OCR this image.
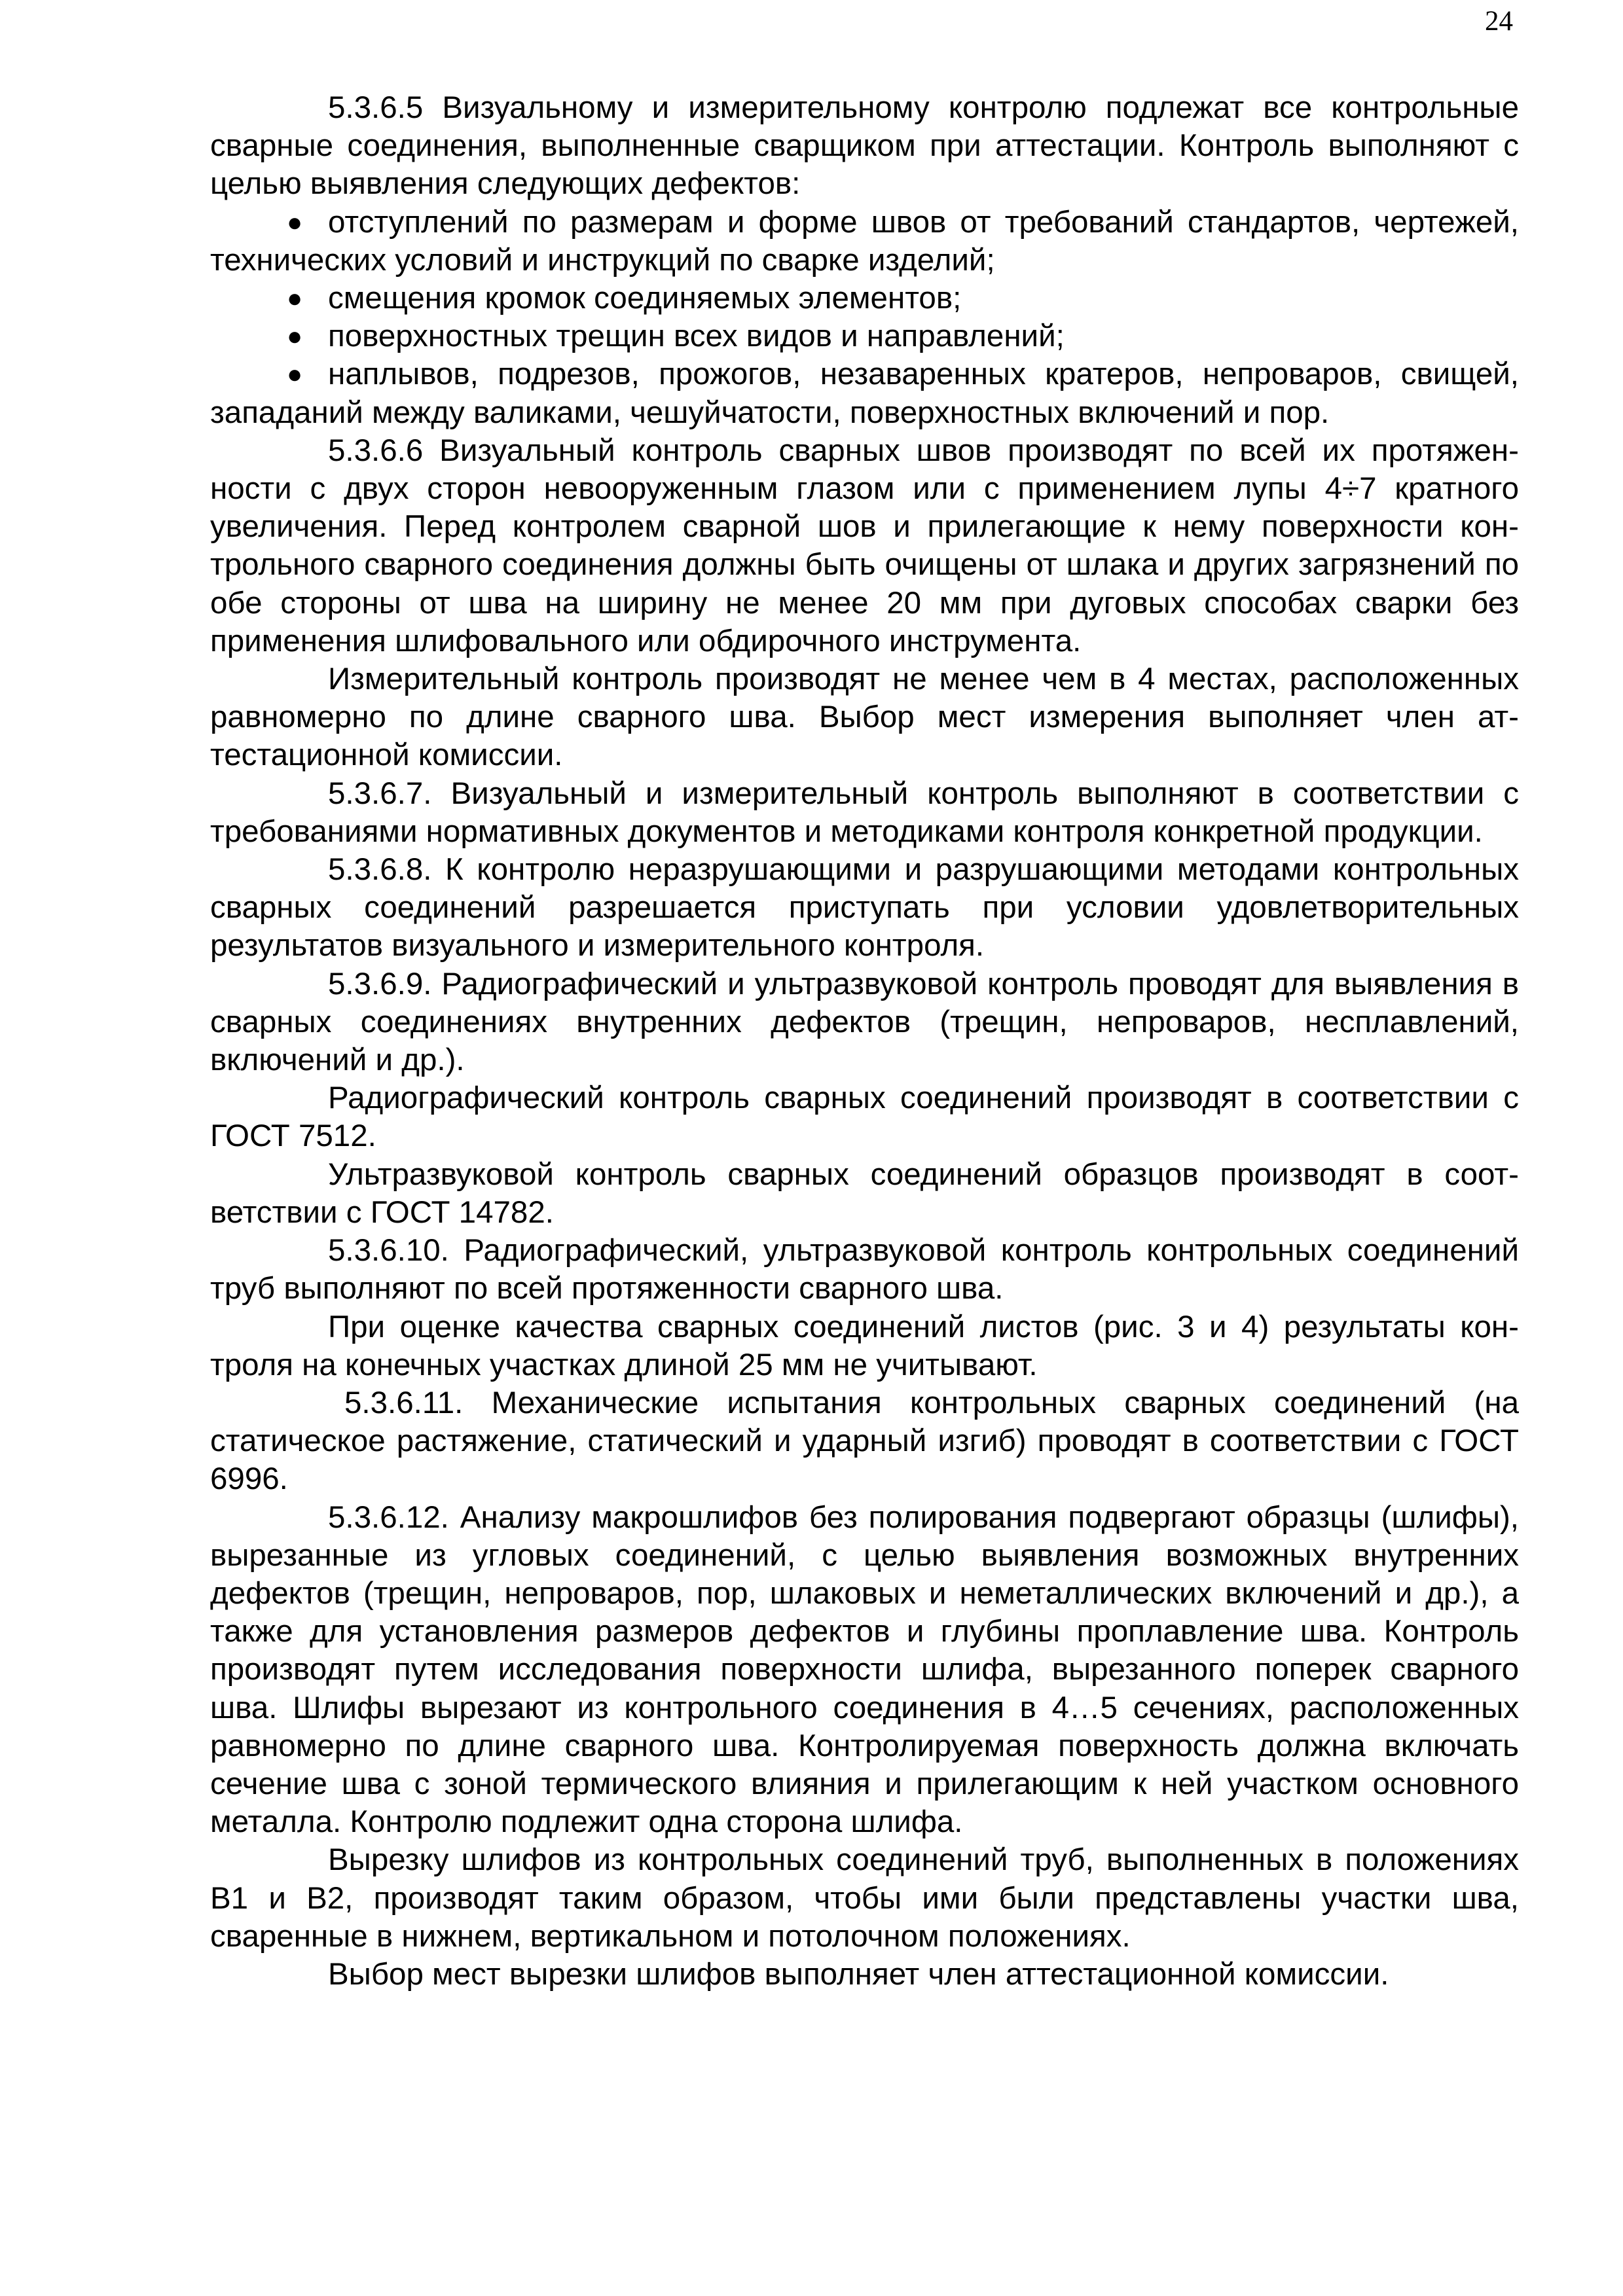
24

5.3.6.5 Визуальному и измерительному контролю подлежат все контрольные сварные соединения, выполненные сварщиком при аттестации. Контроль выполняют с целью выявления следующих дефектов:

● отступлений по размерам и форме швов от требований стандартов, чертежей, технических условий и инструкций по сварке изделий;
● смещения кромок соединяемых элементов;
● поверхностных трещин всех видов и направлений;
● наплывов, подрезов, прожогов, незаваренных кратеров, непроваров, свищей, западаний между валиками, чешуйчатости, поверхностных включений и пор.

5.3.6.6 Визуальный контроль сварных швов производят по всей их протяженности с двух сторон невооруженным глазом или с применением лупы 4÷7 кратного увеличения. Перед контролем сварной шов и прилегающие к нему поверхности контрольного сварного соединения должны быть очищены от шлака и других загрязнений по обе стороны от шва на ширину не менее 20 мм при дуговых способах сварки без применения шлифовального или обдирочного инструмента.

Измерительный контроль производят не менее чем в 4 местах, расположенных равномерно по длине сварного шва. Выбор мест измерения выполняет член аттестационной комиссии.

5.3.6.7. Визуальный и измерительный контроль выполняют в соответствии с требованиями нормативных документов и методиками контроля конкретной продукции.

5.3.6.8. К контролю неразрушающими и разрушающими методами контрольных сварных соединений разрешается приступать при условии удовлетворительных результатов визуального и измерительного контроля.

5.3.6.9. Радиографический и ультразвуковой контроль проводят для выявления в сварных соединениях внутренних дефектов (трещин, непроваров, несплавлений, включений и др.).

Радиографический контроль сварных соединений производят в соответствии с ГОСТ 7512.

Ультразвуковой контроль сварных соединений образцов производят в соответствии с ГОСТ 14782.

5.3.6.10. Радиографический, ультразвуковой контроль контрольных соединений труб выполняют по всей протяженности сварного шва.

При оценке качества сварных соединений листов (рис. 3 и 4) результаты контроля на конечных участках длиной 25 мм не учитывают.

5.3.6.11. Механические испытания контрольных сварных соединений (на статическое растяжение, статический и ударный изгиб) проводят в соответствии с ГОСТ 6996.

5.3.6.12. Анализу макрошлифов без полирования подвергают образцы (шлифы), вырезанные из угловых соединений, с целью выявления возможных внутренних дефектов (трещин, непроваров, пор, шлаковых и неметаллических включений и др.), а также для установления размеров дефектов и глубины проплавление шва. Контроль производят путем исследования поверхности шлифа, вырезанного поперек сварного шва. Шлифы вырезают из контрольного соединения в 4…5 сечениях, расположенных равномерно по длине сварного шва. Контролируемая поверхность должна включать сечение шва с зоной термического влияния и прилегающим к ней участком основного металла. Контролю подлежит одна сторона шлифа.

Вырезку шлифов из контрольных соединений труб, выполненных в положениях В1 и В2, производят таким образом, чтобы ими были представлены участки шва, сваренные в нижнем, вертикальном и потолочном положениях.

Выбор мест вырезки шлифов выполняет член аттестационной комиссии.
